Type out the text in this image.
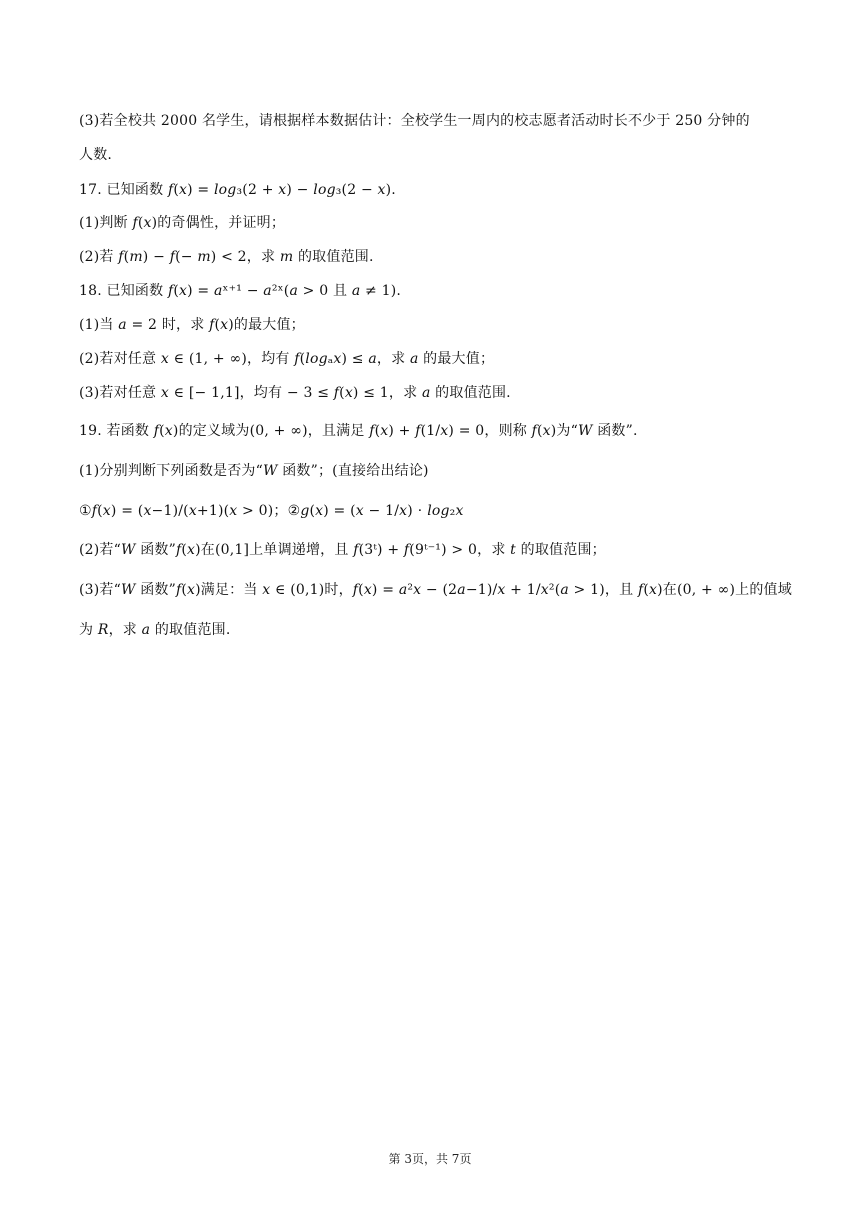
(3)若全校共 2000 名学生，请根据样本数据估计：全校学生一周内的校志愿者活动时长不少于 250 分钟的
人数.
17. 已知函数 𝑓(𝑥) = 𝑙𝑜𝑔₃(2 + 𝑥) − 𝑙𝑜𝑔₃(2 − 𝑥).
(1)判断 𝑓(𝑥)的奇偶性，并证明；
(2)若 𝑓(𝑚) − 𝑓(− 𝑚) < 2，求 𝑚 的取值范围.
18. 已知函数 𝑓(𝑥) = 𝑎ˣ⁺¹ − 𝑎²ˣ(𝑎 > 0 且 𝑎 ≠ 1).
(1)当 𝑎 = 2 时，求 𝑓(𝑥)的最大值；
(2)若对任意 𝑥 ∈ (1, + ∞)，均有 𝑓(𝑙𝑜𝑔ₐ𝑥) ≤ 𝑎，求 𝑎 的最大值；
(3)若对任意 𝑥 ∈ [− 1,1]，均有 − 3 ≤ 𝑓(𝑥) ≤ 1，求 𝑎 的取值范围.
19. 若函数 𝑓(𝑥)的定义域为(0, + ∞)，且满足 𝑓(𝑥) + 𝑓(1/𝑥) = 0，则称 𝑓(𝑥)为“𝑊 函数”.
(1)分别判断下列函数是否为“𝑊 函数”；(直接给出结论)
①𝑓(𝑥) = (𝑥−1)/(𝑥+1)(𝑥 > 0)；②𝑔(𝑥) = (𝑥 − 1/𝑥) ⋅ 𝑙𝑜𝑔₂𝑥
(2)若“𝑊 函数”𝑓(𝑥)在(0,1]上单调递增，且 𝑓(3ᵗ) + 𝑓(9ᵗ⁻¹) > 0，求 𝑡 的取值范围；
(3)若“𝑊 函数”𝑓(𝑥)满足：当 𝑥 ∈ (0,1)时，𝑓(𝑥) = 𝑎²𝑥 − (2𝑎−1)/𝑥 + 1/𝑥²(𝑎 > 1)，且 𝑓(𝑥)在(0, + ∞)上的值域
为 𝑅，求 𝑎 的取值范围.
第 3页，共 7页
